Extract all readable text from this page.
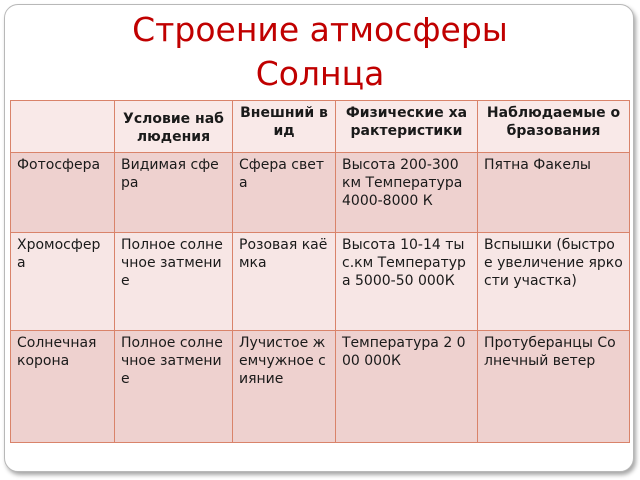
Строение атмосферы
Солнца

	Условие наблюдения	Внешний вид	Физические характеристики	Наблюдаемые образования

Фотосфера	Видимая сфера	Сфера света	Высота 200-300 км Температура 4000-8000 К	Пятна Факелы
Хромосфера	Полное солнечное затмение	Розовая каёмка	Высота 10-14 тыс.км Температура 5000-50 000К	Вспышки (быстрое увеличение яркости участка)
Солнечная корона	Полное солнечное затмение	Лучистое жемчужное сияние	Температура 2 000 000К	Протуберанцы Солнечный ветер
